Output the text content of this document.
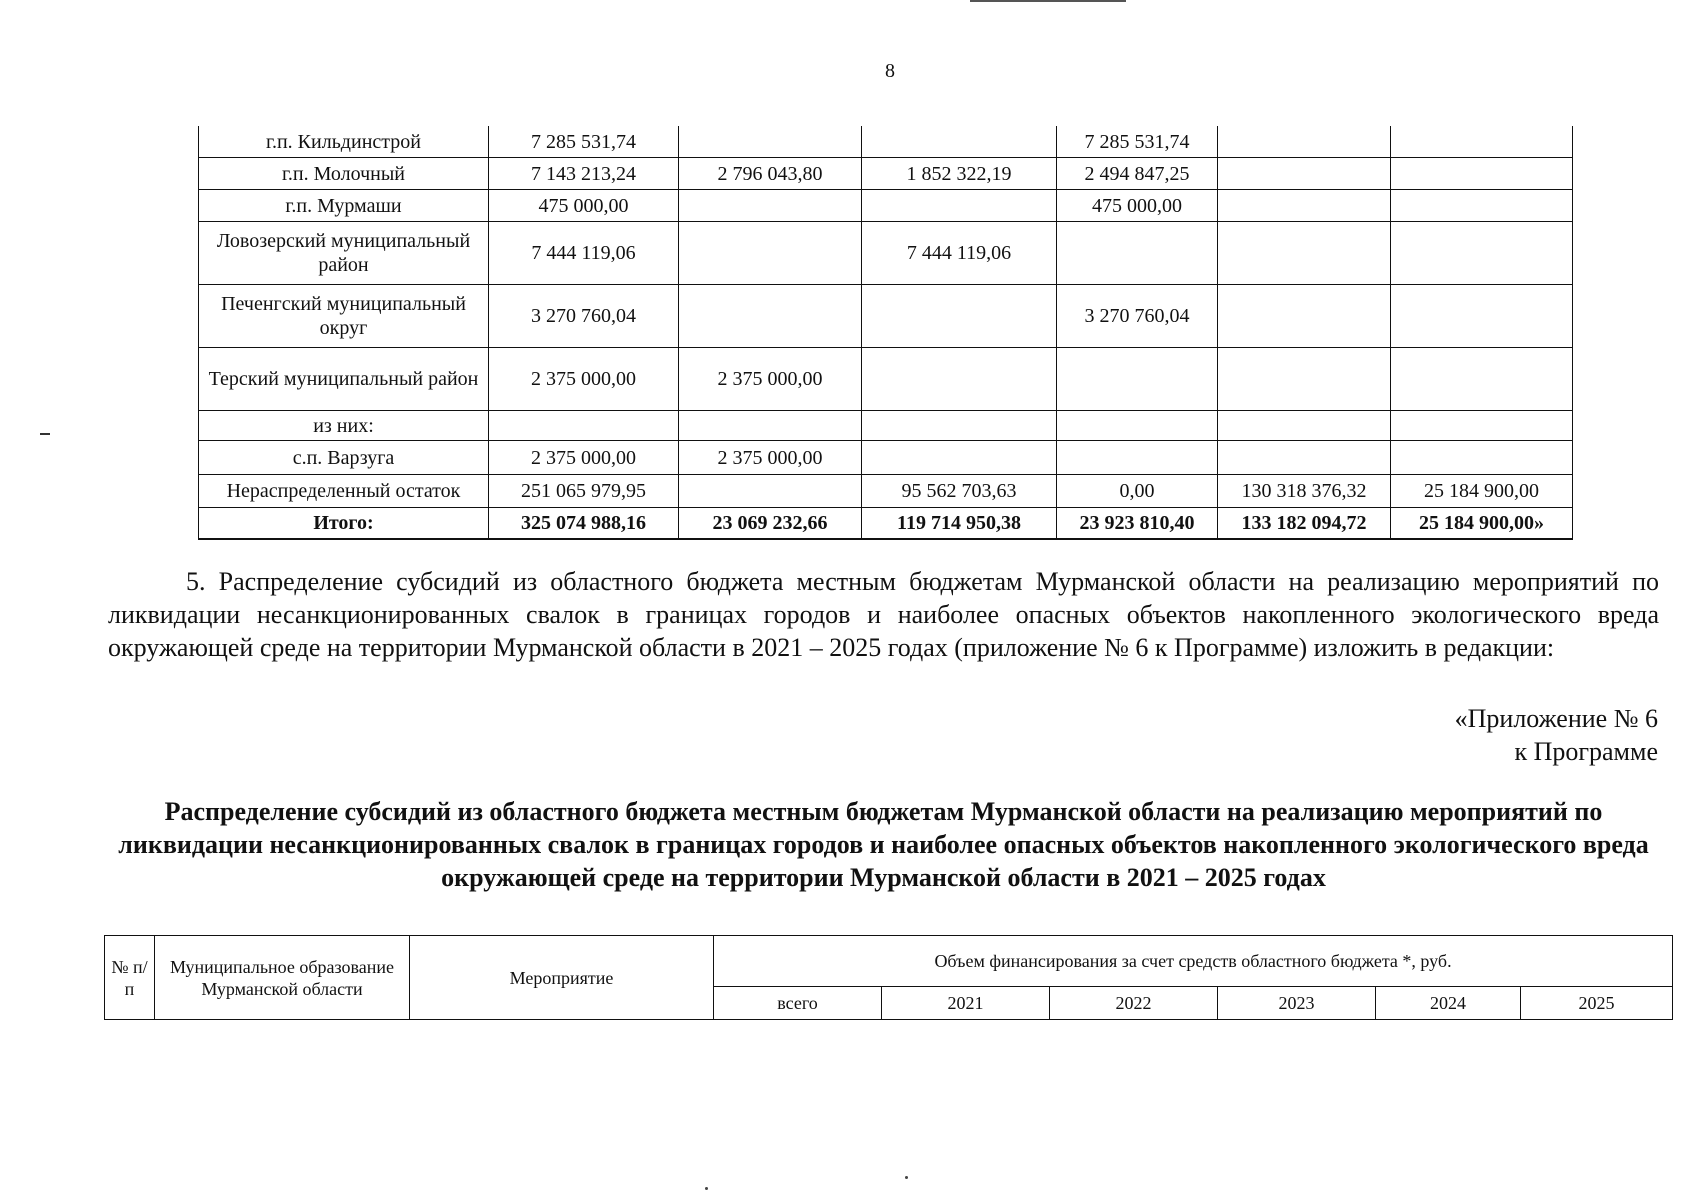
8
г.п. Кильдинстрой	7 285 531,74			7 285 531,74		
г.п. Молочный	7 143 213,24	2 796 043,80	1 852 322,19	2 494 847,25		
г.п. Мурмаши	475 000,00			475 000,00		
Ловозерский муниципальный район	7 444 119,06		7 444 119,06			
Печенгский муниципальный округ	3 270 760,04			3 270 760,04		
Терский муниципальный район	2 375 000,00	2 375 000,00				
из них:						
с.п. Варзуга	2 375 000,00	2 375 000,00				
Нераспределенный остаток	251 065 979,95		95 562 703,63	0,00	130 318 376,32	25 184 900,00
Итого:	325 074 988,16	23 069 232,66	119 714 950,38	23 923 810,40	133 182 094,72	25 184 900,00»
5. Распределение субсидий из областного бюджета местным бюджетам Мурманской области на реализацию мероприятий по ликвидации несанкционированных свалок в границах городов и наиболее опасных объектов накопленного экологического вреда окружающей среде на территории Мурманской области в 2021 – 2025 годах (приложение № 6 к Программе) изложить в редакции:
«Приложение № 6
к Программе
Распределение субсидий из областного бюджета местным бюджетам Мурманской области на реализацию мероприятий по ликвидации несанкционированных свалок в границах городов и наиболее опасных объектов накопленного экологического вреда окружающей среде на территории Мурманской области в 2021 – 2025 годах
№ п/п	Муниципальное образование Мурманской области	Мероприятие	Объем финансирования за счет средств областного бюджета *, руб.					
			всего	2021	2022	2023	2024	2025
